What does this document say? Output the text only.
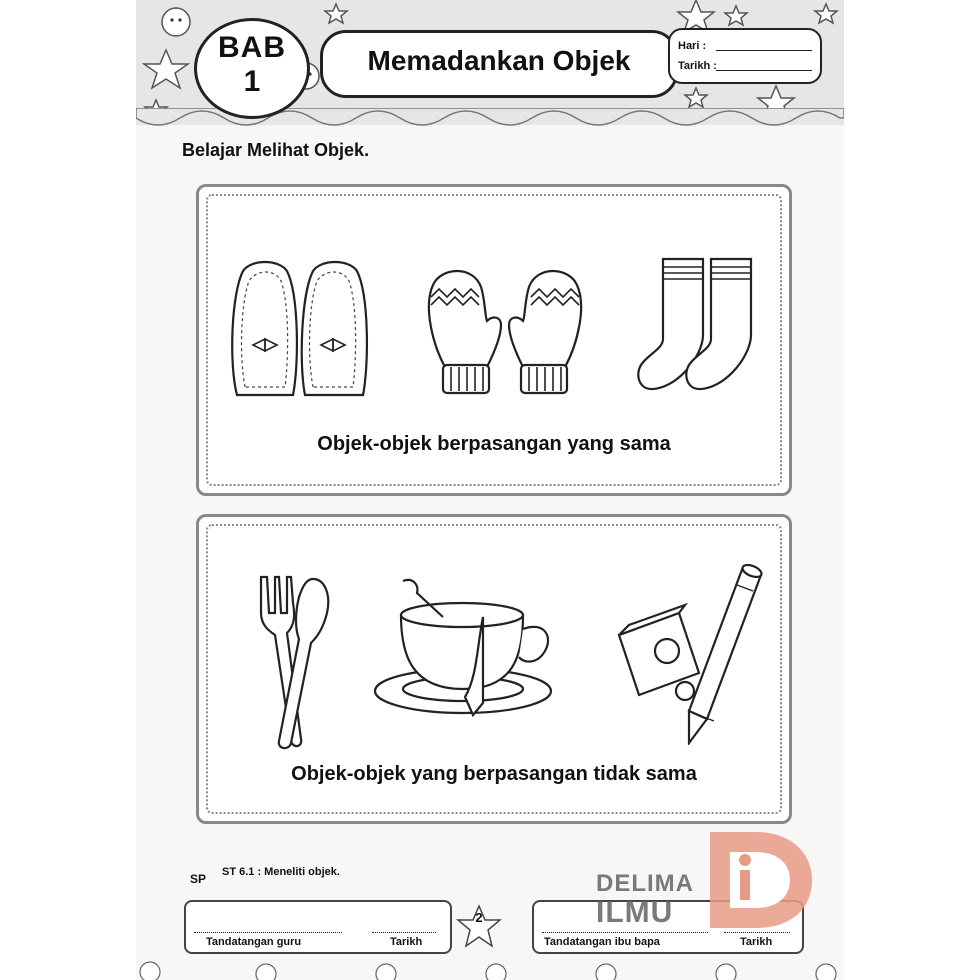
BAB
1
Memadankan Objek	Hari :
Tarikh :
Belajar Melihat Objek.
Objek-objek berpasangan yang sama
Objek-objek yang berpasangan tidak sama
SP ST 6.1 : Meneliti objek.
Tandatangan guru	Tarikh
2
Tandatangan ibu bapa	Tarikh
DELIMA
ILMU
